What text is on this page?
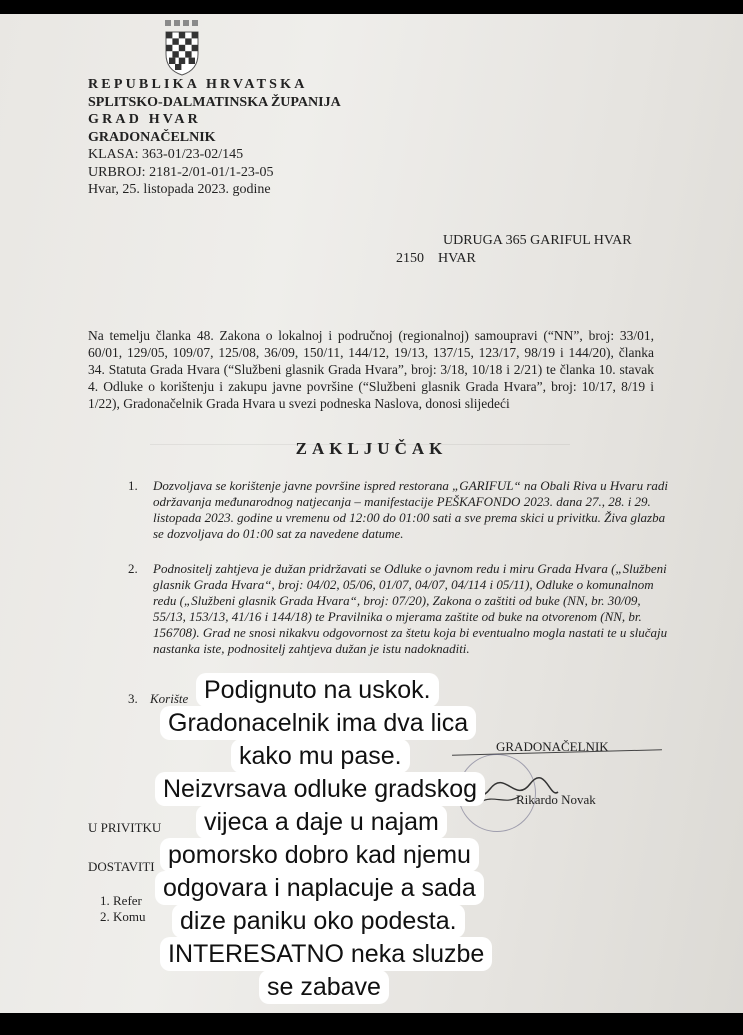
REPUBLIKA HRVATSKA
SPLITSKO-DALMATINSKA ŽUPANIJA
GRAD HVAR
GRADONAČELNIK
KLASA: 363-01/23-02/145
URBROJ: 2181-2/01-01/1-23-05
Hvar, 25. listopada 2023. godine
UDRUGA 365 GARIFUL HVAR
2150 HVAR
Na temelju članka 48. Zakona o lokalnoj i područnoj (regionalnoj) samoupravi (“NN”, broj: 33/01, 60/01, 129/05, 109/07, 125/08, 36/09, 150/11, 144/12, 19/13, 137/15, 123/17, 98/19 i 144/20), članka 34. Statuta Grada Hvara (“Službeni glasnik Grada Hvara”, broj: 3/18, 10/18 i 2/21) te članka 10. stavak 4. Odluke o korištenju i zakupu javne površine (“Službeni glasnik Grada Hvara”, broj: 10/17, 8/19 i 1/22), Gradonačelnik Grada Hvara u svezi podneska Naslova, donosi slijedeći
ZAKLJUČAK
1. Dozvoljava se korištenje javne površine ispred restorana „GARIFUL“ na Obali Riva u Hvaru radi održavanja međunarodnog natjecanja – manifestacije PEŠKAFONDO 2023. dana 27., 28. i 29. listopada 2023. godine u vremenu od 12:00 do 01:00 sati a sve prema skici u privitku. Živa glazba se dozvoljava do 01:00 sat za navedene datume.
2. Podnositelj zahtjeva je dužan pridržavati se Odluke o javnom redu i miru Grada Hvara („Službeni glasnik Grada Hvara“, broj: 04/02, 05/06, 01/07, 04/07, 04/114 i 05/11), Odluke o komunalnom redu („Službeni glasnik Grada Hvara“, broj: 07/20), Zakona o zaštiti od buke (NN, br. 30/09, 55/13, 153/13, 41/16 i 144/18) te Pravilnika o mjerama zaštite od buke na otvorenom (NN, br. 156708). Grad ne snosi nikakvu odgovornost za štetu koja bi eventualno mogla nastati te u slučaju nastanka iste, podnositelj zahtjeva dužan je istu nadoknaditi.
3. Korište
GRADONAČELNIK
Rikardo Novak
U PRIVITKU
DOSTAVITI
1. Refer
2. Komu
Podignuto na uskok.
Gradonacelnik ima dva lica
kako mu pase.
Neizvrsava odluke gradskog
vijeca a daje u najam
pomorsko dobro kad njemu
odgovara i naplacuje a sada
dize paniku oko podesta.
INTERESATNO neka sluzbe
se zabave
